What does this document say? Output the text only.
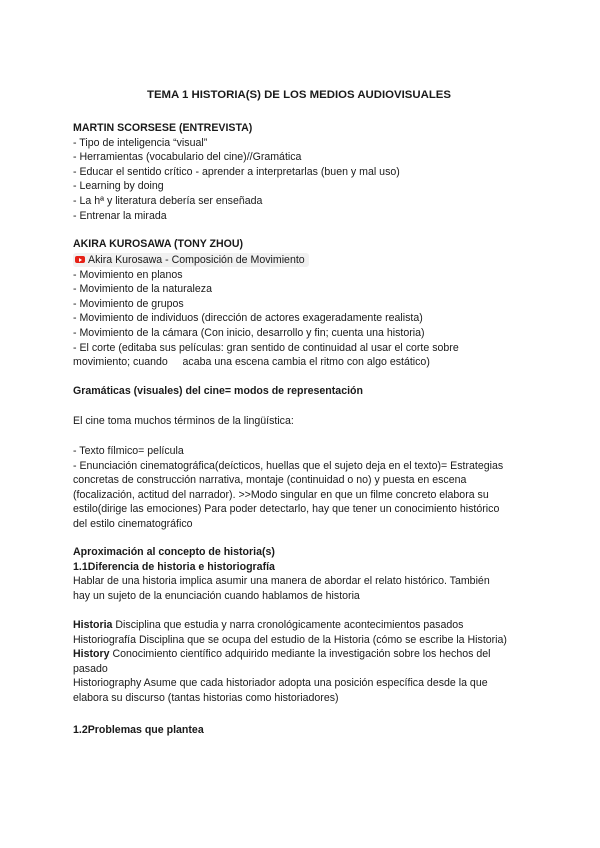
TEMA 1 HISTORIA(S) DE LOS MEDIOS AUDIOVISUALES
MARTIN SCORSESE (ENTREVISTA)
- Tipo de inteligencia “visual”
- Herramientas (vocabulario del cine)//Gramática
- Educar el sentido crítico - aprender a interpretarlas (buen y mal uso)
- Learning by doing
- La hª y literatura debería ser enseñada
- Entrenar la mirada
AKIRA KUROSAWA (TONY ZHOU)
Akira Kurosawa - Composición de Movimiento
- Movimiento en planos
- Movimiento de la naturaleza
- Movimiento de grupos
- Movimiento de individuos (dirección de actores exageradamente realista)
- Movimiento de la cámara (Con inicio, desarrollo y fin; cuenta una historia)
- El corte (editaba sus películas: gran sentido de continuidad al usar el corte sobre
movimiento; cuando     acaba una escena cambia el ritmo con algo estático)
Gramáticas (visuales) del cine= modos de representación
El cine toma muchos términos de la lingüística:
- Texto fílmico= película
- Enunciación cinematográfica(deícticos, huellas que el sujeto deja en el texto)= Estrategias
concretas de construcción narrativa, montaje (continuidad o no) y puesta en escena
(focalización, actitud del narrador). >>Modo singular en que un filme concreto elabora su
estilo(dirige las emociones) Para poder detectarlo, hay que tener un conocimiento histórico
del estilo cinematográfico
Aproximación al concepto de historia(s)
1.1Diferencia de historia e historiografía
Hablar de una historia implica asumir una manera de abordar el relato histórico. También
hay un sujeto de la enunciación cuando hablamos de historia
Historia Disciplina que estudia y narra cronológicamente acontecimientos pasados
Historiografía Disciplina que se ocupa del estudio de la Historia (cómo se escribe la Historia)
History Conocimiento científico adquirido mediante la investigación sobre los hechos del
pasado
Historiography Asume que cada historiador adopta una posición específica desde la que
elabora su discurso (tantas historias como historiadores)
1.2Problemas que plantea
